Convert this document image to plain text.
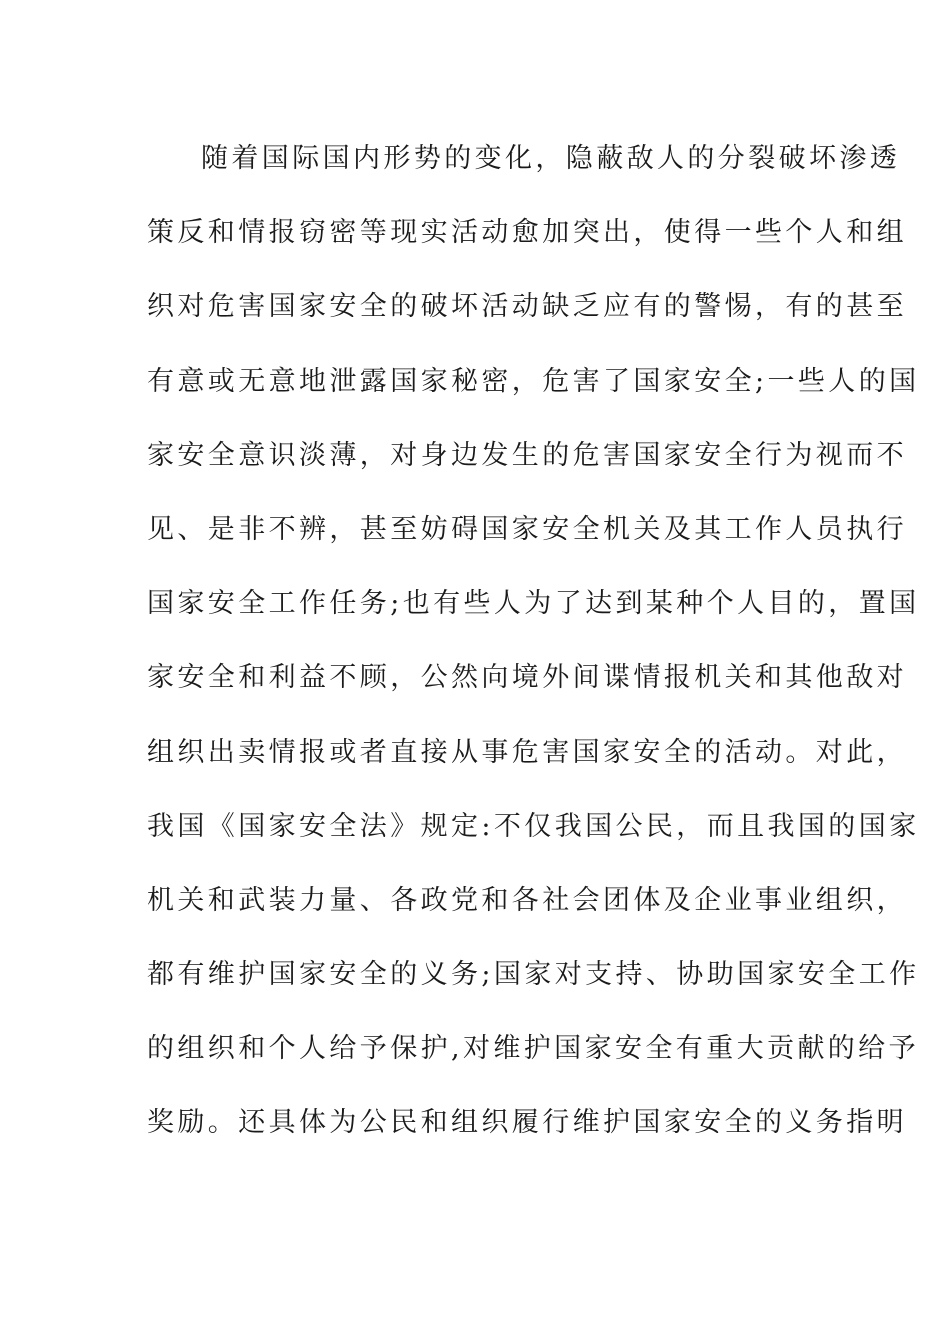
随着国际国内形势的变化，隐蔽敌人的分裂破坏渗透
策反和情报窃密等现实活动愈加突出，使得一些个人和组
织对危害国家安全的破坏活动缺乏应有的警惕，有的甚至
有意或无意地泄露国家秘密，危害了国家安全;一些人的国
家安全意识淡薄，对身边发生的危害国家安全行为视而不
见、是非不辨，甚至妨碍国家安全机关及其工作人员执行
国家安全工作任务;也有些人为了达到某种个人目的，置国
家安全和利益不顾，公然向境外间谍情报机关和其他敌对
组织出卖情报或者直接从事危害国家安全的活动。对此，
我国《国家安全法》规定:不仅我国公民，而且我国的国家
机关和武装力量、各政党和各社会团体及企业事业组织，
都有维护国家安全的义务;国家对支持、协助国家安全工作
的组织和个人给予保护,对维护国家安全有重大贡献的给予
奖励。还具体为公民和组织履行维护国家安全的义务指明
